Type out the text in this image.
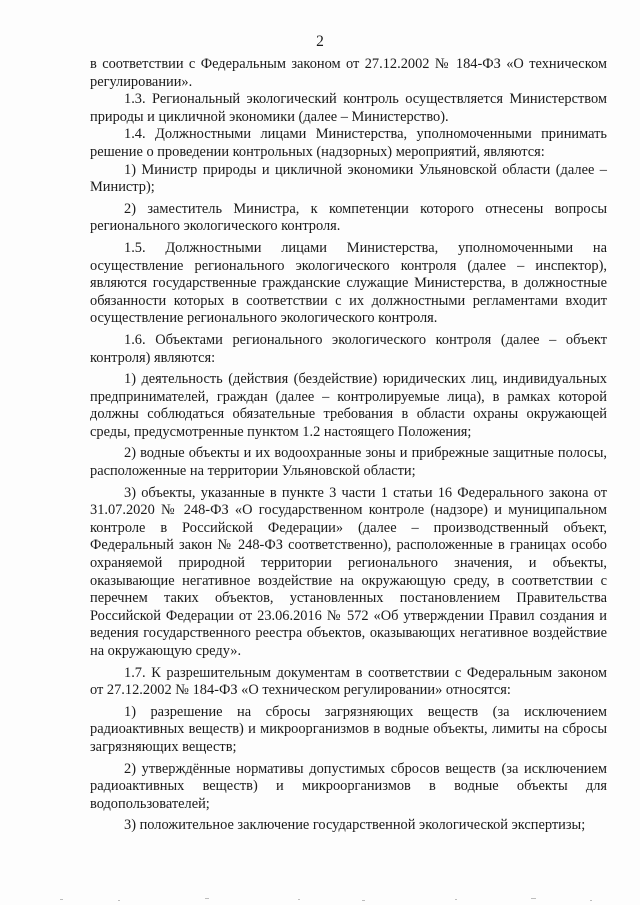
2

в соответствии с Федеральным законом от 27.12.2002 № 184-ФЗ «О техническом регулировании».

1.3. Региональный экологический контроль осуществляется Министерством природы и цикличной экономики (далее – Министерство).

1.4. Должностными лицами Министерства, уполномоченными принимать решение о проведении контрольных (надзорных) мероприятий, являются:

1) Министр природы и цикличной экономики Ульяновской области (далее – Министр);

2) заместитель Министра, к компетенции которого отнесены вопросы регионального экологического контроля.

1.5. Должностными лицами Министерства, уполномоченными на осуществление регионального экологического контроля (далее – инспектор), являются государственные гражданские служащие Министерства, в должностные обязанности которых в соответствии с их должностными регламентами входит осуществление регионального экологического контроля.

1.6. Объектами регионального экологического контроля (далее – объект контроля) являются:

1) деятельность (действия (бездействие) юридических лиц, индивидуальных предпринимателей, граждан (далее – контролируемые лица), в рамках которой должны соблюдаться обязательные требования в области охраны окружающей среды, предусмотренные пунктом 1.2 настоящего Положения;

2) водные объекты и их водоохранные зоны и прибрежные защитные полосы, расположенные на территории Ульяновской области;

3) объекты, указанные в пункте 3 части 1 статьи 16 Федерального закона от 31.07.2020 № 248-ФЗ «О государственном контроле (надзоре) и муниципальном контроле в Российской Федерации» (далее – производственный объект, Федеральный закон № 248-ФЗ соответственно), расположенные в границах особо охраняемой природной территории регионального значения, и объекты, оказывающие негативное воздействие на окружающую среду, в соответствии с перечнем таких объектов, установленных постановлением Правительства Российской Федерации от 23.06.2016 № 572 «Об утверждении Правил создания и ведения государственного реестра объектов, оказывающих негативное воздействие на окружающую среду».

1.7. К разрешительным документам в соответствии с Федеральным законом от 27.12.2002 № 184-ФЗ «О техническом регулировании» относятся:

1) разрешение на сбросы загрязняющих веществ (за исключением радиоактивных веществ) и микроорганизмов в водные объекты, лимиты на сбросы загрязняющих веществ;

2) утверждённые нормативы допустимых сбросов веществ (за исключением радиоактивных веществ) и микроорганизмов в водные объекты для водопользователей;

3) положительное заключение государственной экологической экспертизы;
